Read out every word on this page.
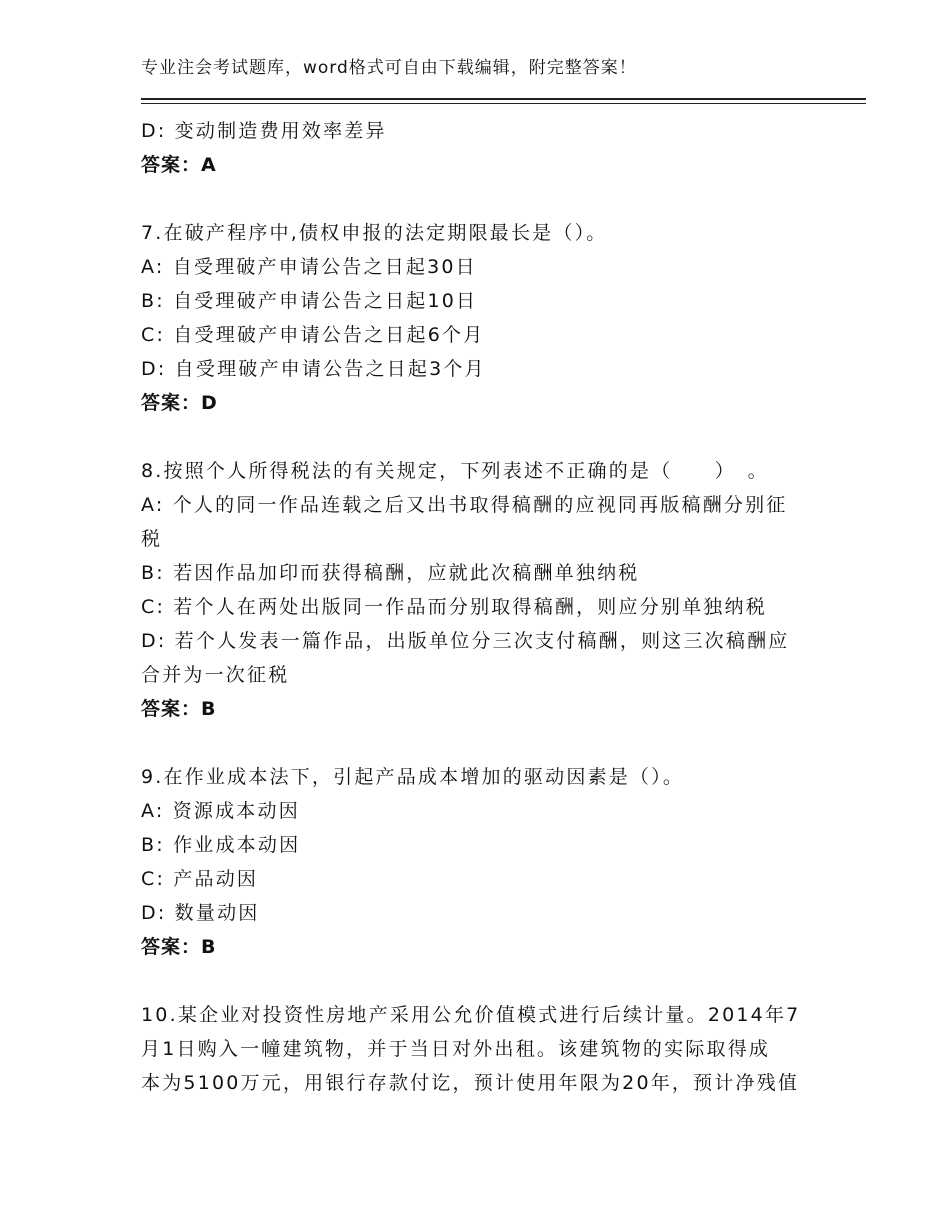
专业注会考试题库，word格式可自由下载编辑，附完整答案！
D: 变动制造费用效率差异
答案：A
7.在破产程序中,债权申报的法定期限最长是（）。
A: 自受理破产申请公告之日起30日
B: 自受理破产申请公告之日起10日
C: 自受理破产申请公告之日起6个月
D: 自受理破产申请公告之日起3个月
答案：D
8.按照个人所得税法的有关规定，下列表述不正确的是（　　）　。
A: 个人的同一作品连载之后又出书取得稿酬的应视同再版稿酬分别征
税
B: 若因作品加印而获得稿酬，应就此次稿酬单独纳税
C: 若个人在两处出版同一作品而分别取得稿酬，则应分别单独纳税
D: 若个人发表一篇作品，出版单位分三次支付稿酬，则这三次稿酬应
合并为一次征税
答案：B
9.在作业成本法下，引起产品成本增加的驱动因素是（）。
A: 资源成本动因
B: 作业成本动因
C: 产品动因
D: 数量动因
答案：B
10.某企业对投资性房地产采用公允价值模式进行后续计量。2014年7
月1日购入一幢建筑物，并于当日对外出租。该建筑物的实际取得成
本为5100万元，用银行存款付讫，预计使用年限为20年，预计净残值
